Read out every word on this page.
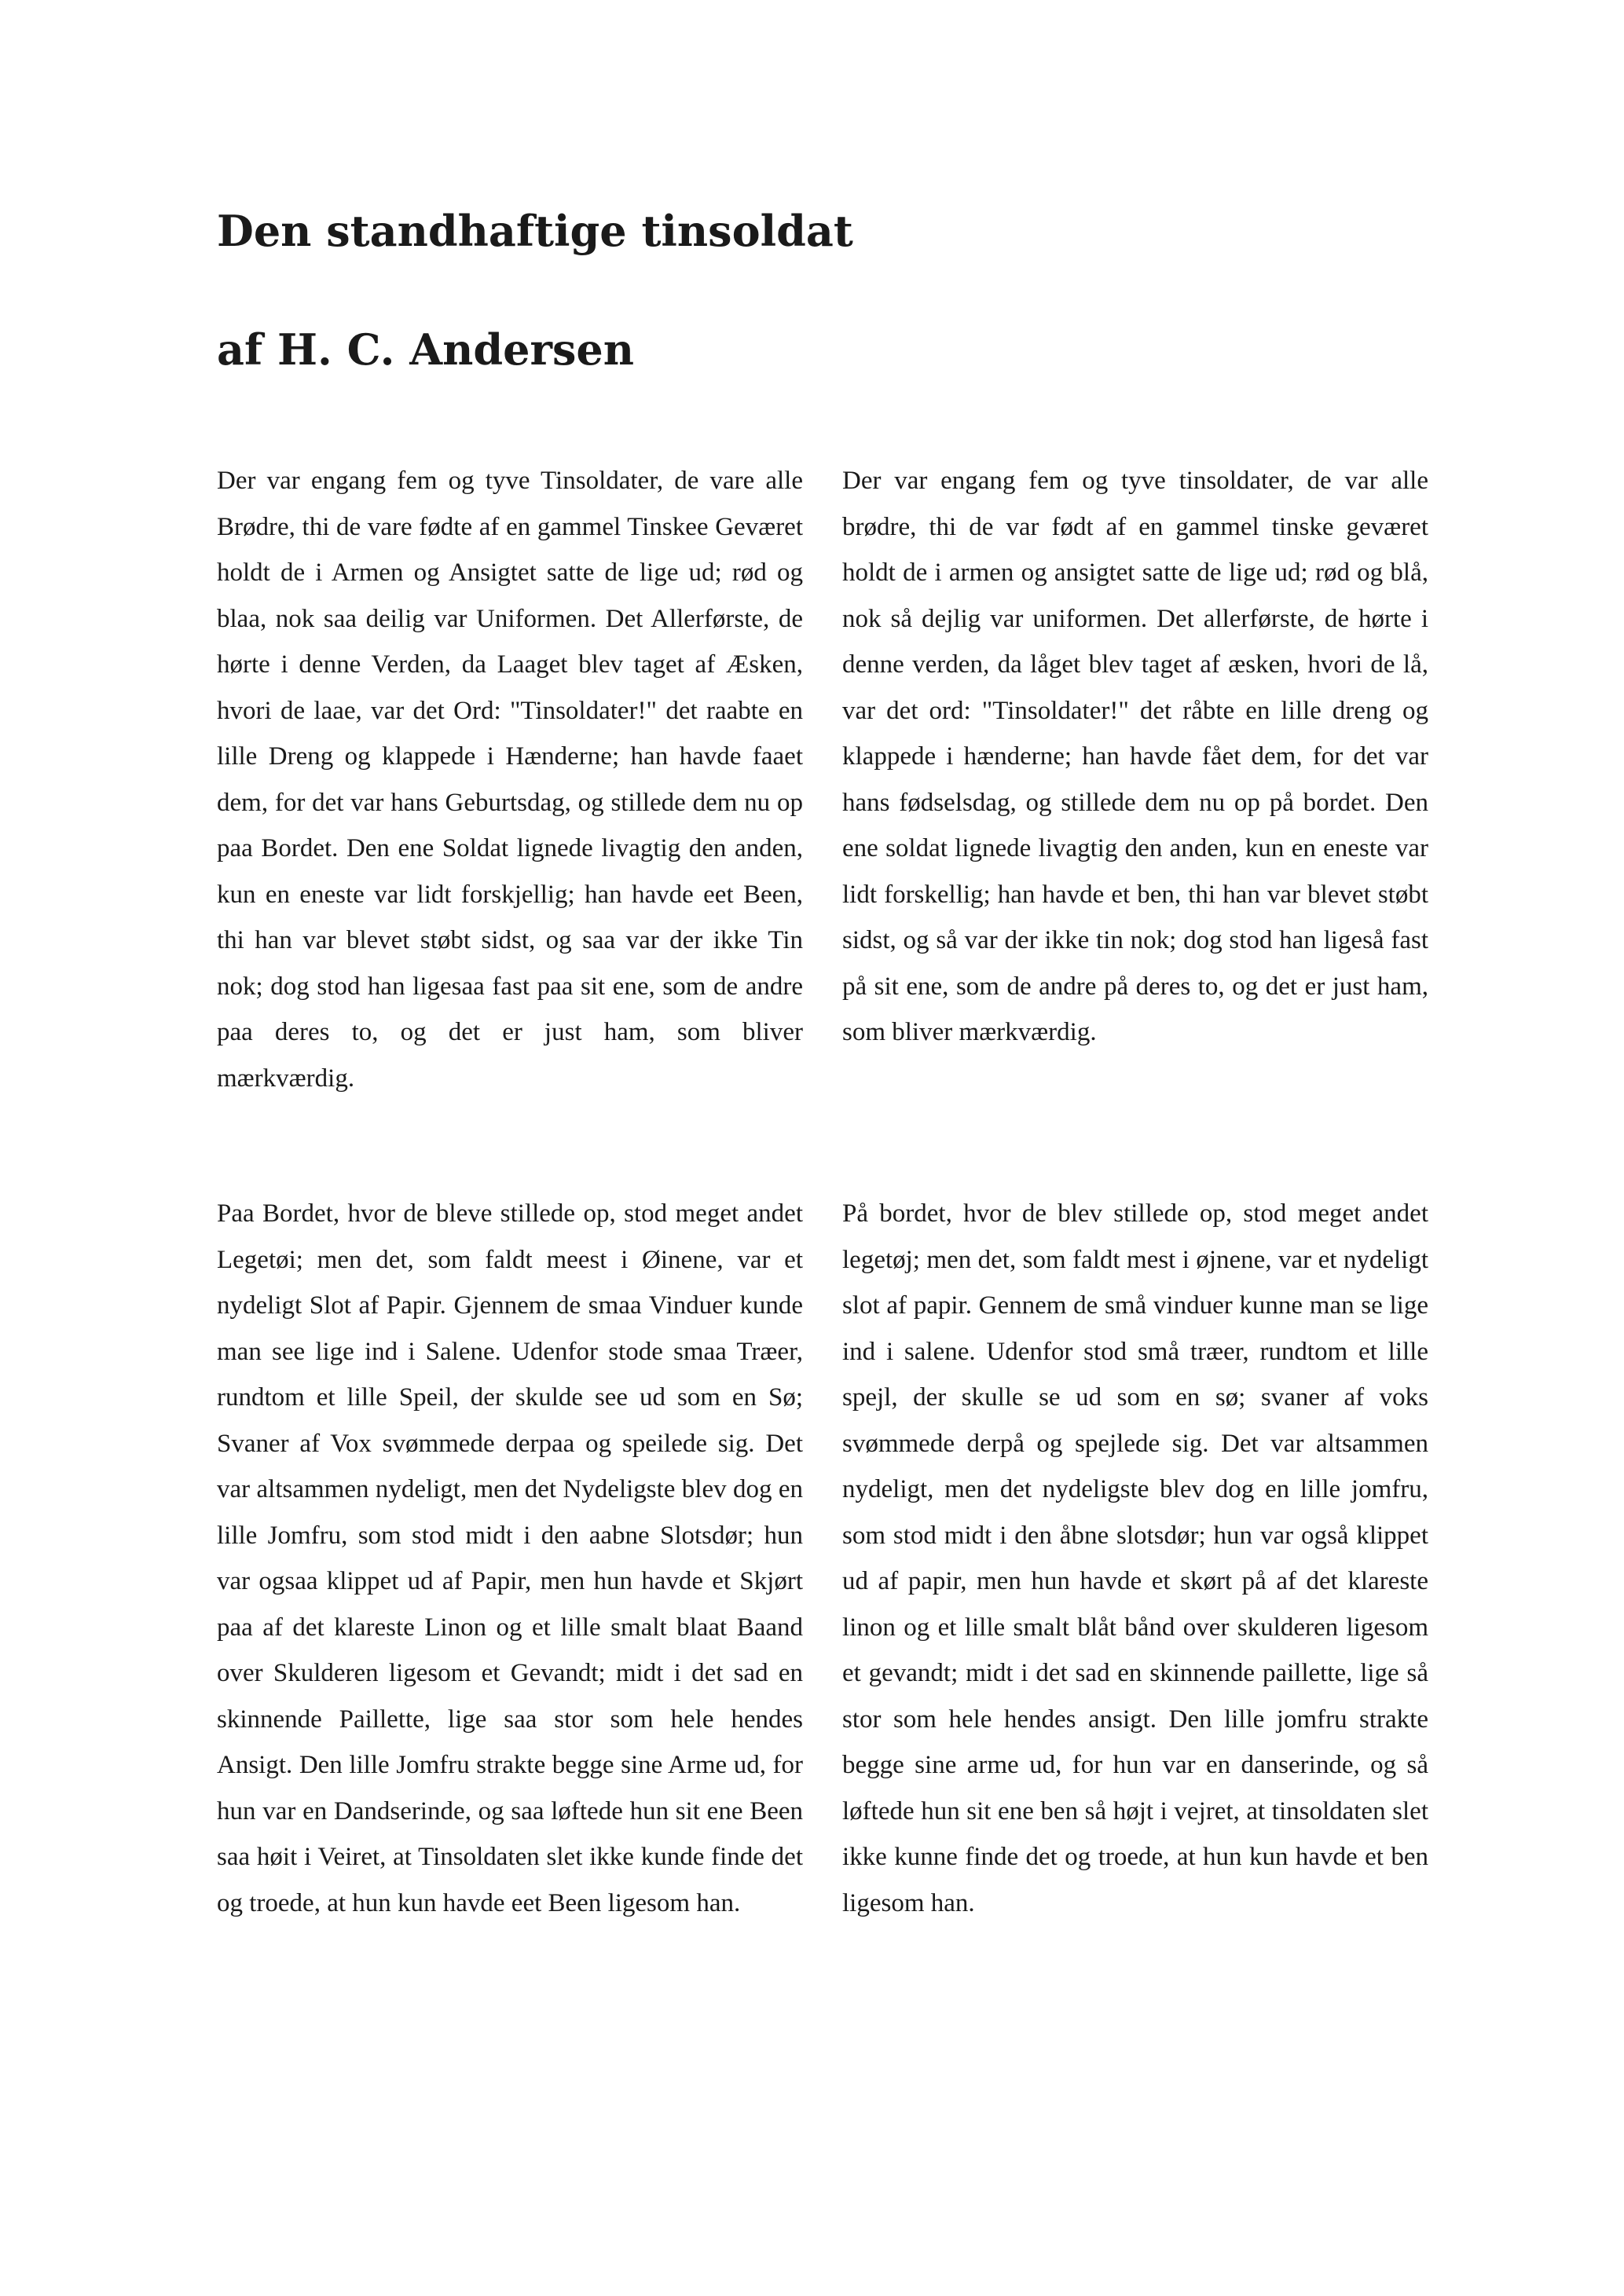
Den standhaftige tinsoldat
af H. C. Andersen

Der var engang fem og tyve Tinsoldater, de vare alle Brødre, thi de vare fødte af en gammel Tinskee Geværet holdt de i Armen og Ansigtet satte de lige ud; rød og blaa, nok saa deilig var Uniformen. Det Allerførste, de hørte i denne Verden, da Laaget blev taget af Æsken, hvori de laae, var det Ord: "Tinsoldater!" det raabte en lille Dreng og klappede i Hænderne; han havde faaet dem, for det var hans Geburtsdag, og stillede dem nu op paa Bordet. Den ene Soldat lignede livagtig den anden, kun en eneste var lidt forskjellig; han havde eet Been, thi han var blevet støbt sidst, og saa var der ikke Tin nok; dog stod han ligesaa fast paa sit ene, som de andre paa deres to, og det er just ham, som bliver mærkværdig.

Der var engang fem og tyve tinsoldater, de var alle brødre, thi de var født af en gammel tinske geværet holdt de i armen og ansigtet satte de lige ud; rød og blå, nok så dejlig var uniformen. Det allerførste, de hørte i denne verden, da låget blev taget af æsken, hvori de lå, var det ord: "Tinsoldater!" det råbte en lille dreng og klappede i hænderne; han havde fået dem, for det var hans fødselsdag, og stillede dem nu op på bordet. Den ene soldat lignede livagtig den anden, kun en eneste var lidt forskellig; han havde et ben, thi han var blevet støbt sidst, og så var der ikke tin nok; dog stod han ligeså fast på sit ene, som de andre på deres to, og det er just ham, som bliver mærkværdig.

Paa Bordet, hvor de bleve stillede op, stod meget andet Legetøi; men det, som faldt meest i Øinene, var et nydeligt Slot af Papir. Gjennem de smaa Vinduer kunde man see lige ind i Salene. Udenfor stode smaa Træer, rundtom et lille Speil, der skulde see ud som en Sø; Svaner af Vox svømmede derpaa og speilede sig. Det var altsammen nydeligt, men det Nydeligste blev dog en lille Jomfru, som stod midt i den aabne Slotsdør; hun var ogsaa klippet ud af Papir, men hun havde et Skjørt paa af det klareste Linon og et lille smalt blaat Baand over Skulderen ligesom et Gevandt; midt i det sad en skinnende Paillette, lige saa stor som hele hendes Ansigt. Den lille Jomfru strakte begge sine Arme ud, for hun var en Dandserinde, og saa løftede hun sit ene Been saa høit i Veiret, at Tinsoldaten slet ikke kunde finde det og troede, at hun kun havde eet Been ligesom han.

På bordet, hvor de blev stillede op, stod meget andet legetøj; men det, som faldt mest i øjnene, var et nydeligt slot af papir. Gennem de små vinduer kunne man se lige ind i salene. Udenfor stod små træer, rundtom et lille spejl, der skulle se ud som en sø; svaner af voks svømmede derpå og spejlede sig. Det var altsammen nydeligt, men det nydeligste blev dog en lille jomfru, som stod midt i den åbne slotsdør; hun var også klippet ud af papir, men hun havde et skørt på af det klareste linon og et lille smalt blåt bånd over skulderen ligesom et gevandt; midt i det sad en skinnende paillette, lige så stor som hele hendes ansigt. Den lille jomfru strakte begge sine arme ud, for hun var en danserinde, og så løftede hun sit ene ben så højt i vejret, at tinsoldaten slet ikke kunne finde det og troede, at hun kun havde et ben ligesom han.
